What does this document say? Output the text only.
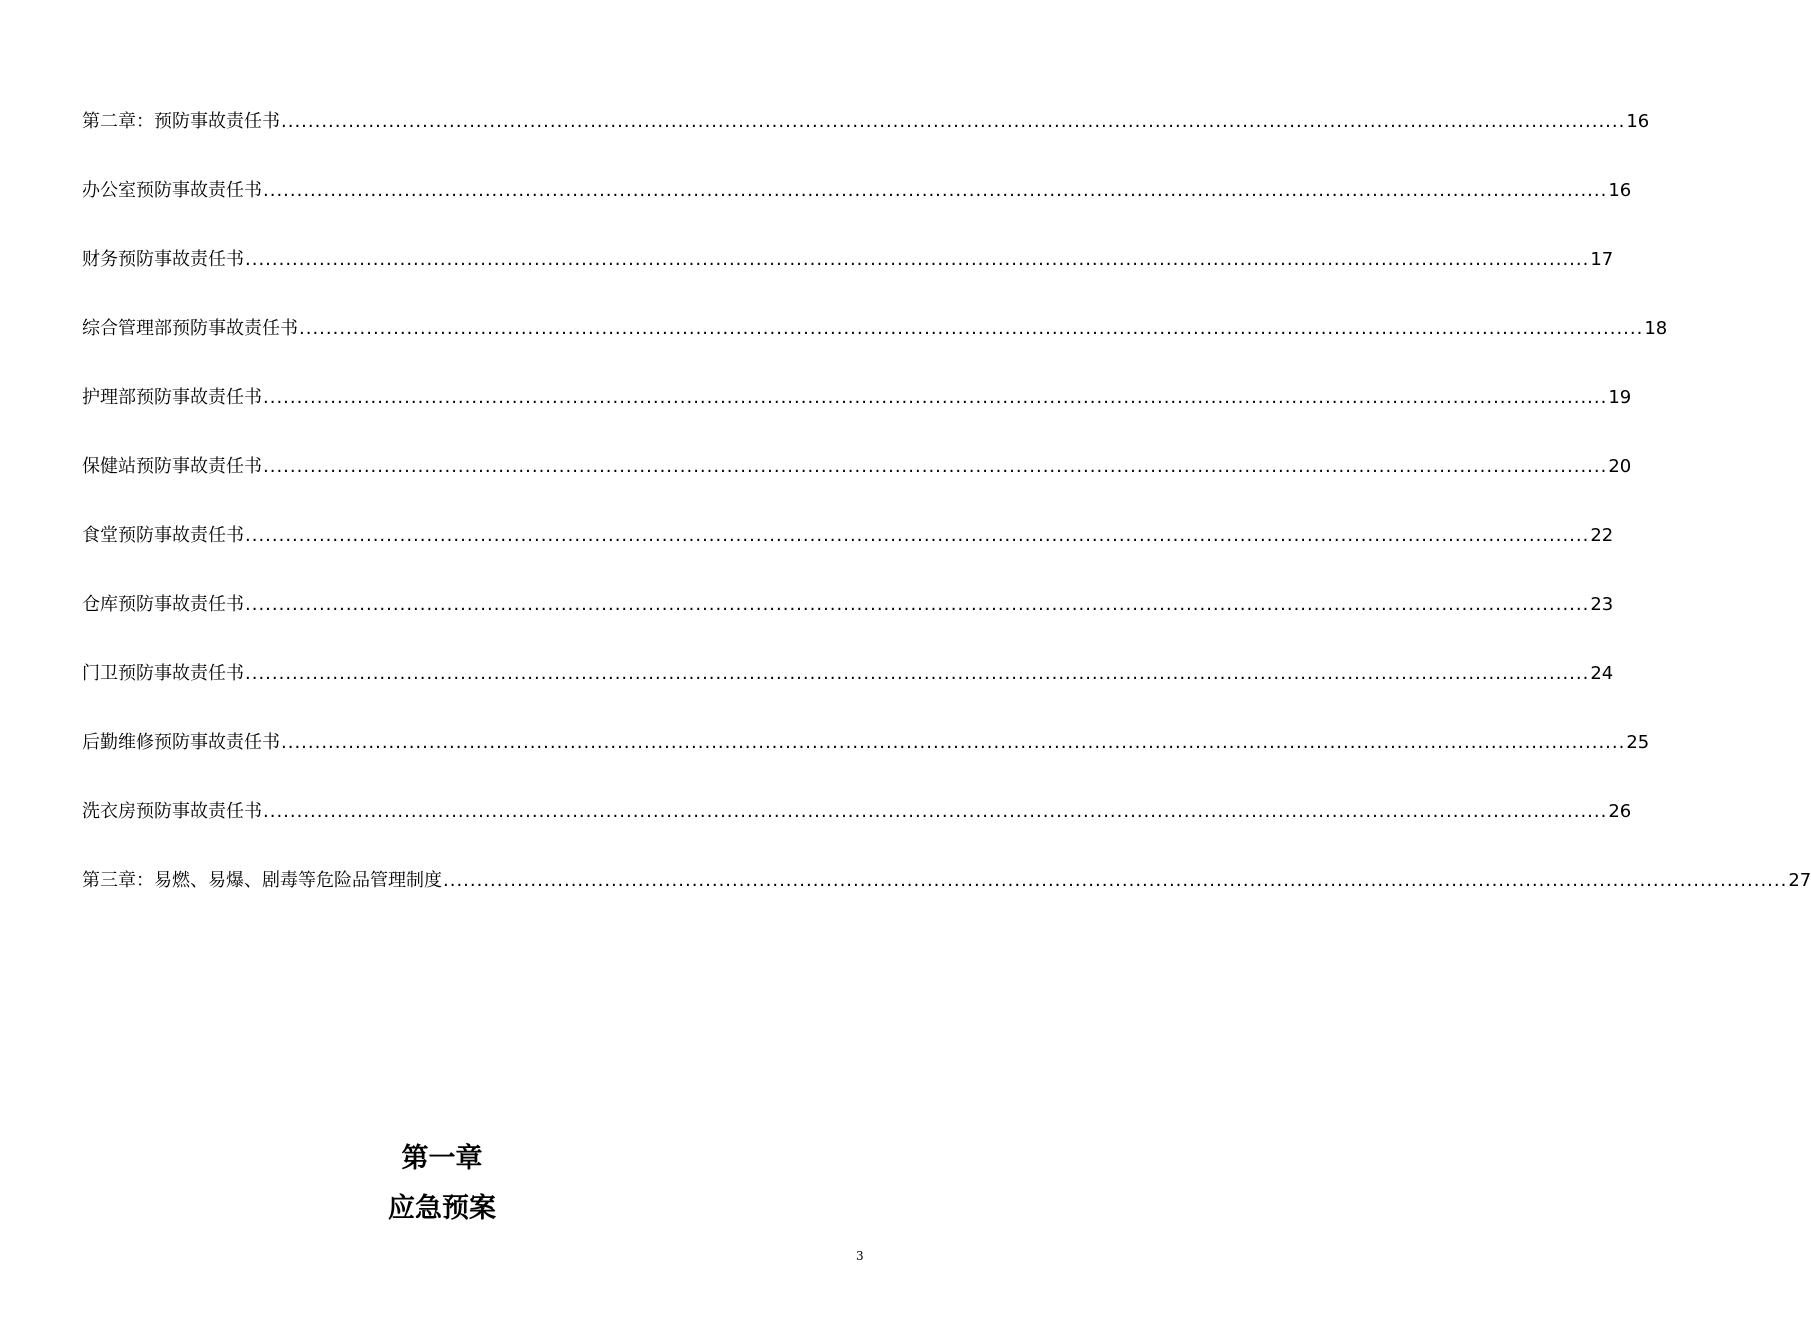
第二章：预防事故责任书 ........................................................................................................................................................................................................ 16
办公室预防事故责任书 ........................................................................................................................................................................................................ 16
财务预防事故责任书 ........................................................................................................................................................................................................ 17
综合管理部预防事故责任书 ........................................................................................................................................................................................................ 18
护理部预防事故责任书 ........................................................................................................................................................................................................ 19
保健站预防事故责任书 ........................................................................................................................................................................................................ 20
食堂预防事故责任书 ........................................................................................................................................................................................................ 22
仓库预防事故责任书 ........................................................................................................................................................................................................ 23
门卫预防事故责任书 ........................................................................................................................................................................................................ 24
后勤维修预防事故责任书 ........................................................................................................................................................................................................ 25
洗衣房预防事故责任书 ........................................................................................................................................................................................................ 26
第三章：易燃、易爆、剧毒等危险品管理制度 ........................................................................................................................................................................................................ 27
第一章
应急预案
3
